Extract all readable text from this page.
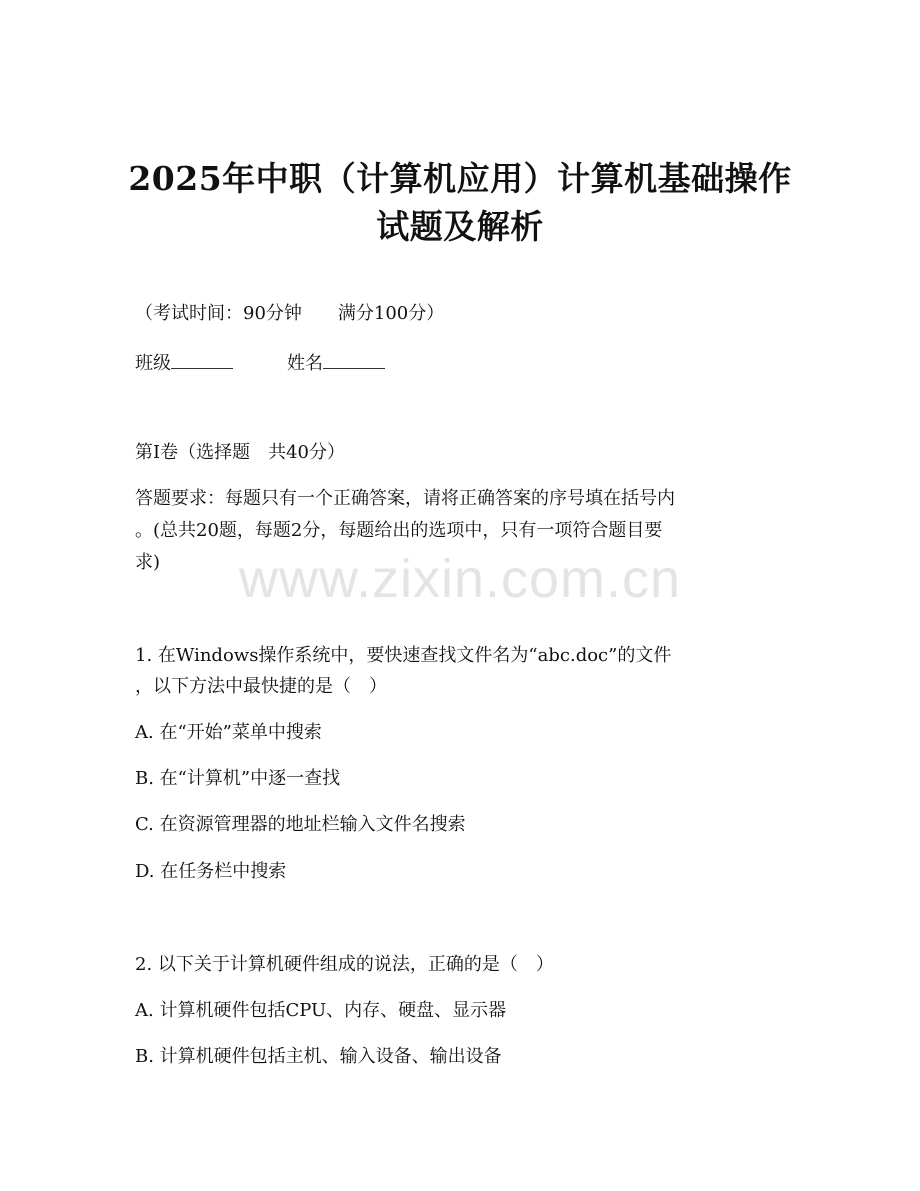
2025年中职（计算机应用）计算机基础操作
试题及解析
（考试时间：90分钟　　满分100分）
班级	姓名
第I卷（选择题　共40分）
答题要求：每题只有一个正确答案，请将正确答案的序号填在括号内
。(总共20题，每题2分，每题给出的选项中，只有一项符合题目要
求)	www.zixin.com.cn
1. 在Windows操作系统中，要快速查找文件名为“abc.doc”的文件
，以下方法中最快捷的是（　）
A. 在“开始”菜单中搜索
B. 在“计算机”中逐一查找
C. 在资源管理器的地址栏输入文件名搜索
D. 在任务栏中搜索
2. 以下关于计算机硬件组成的说法，正确的是（　）
A. 计算机硬件包括CPU、内存、硬盘、显示器
B. 计算机硬件包括主机、输入设备、输出设备
